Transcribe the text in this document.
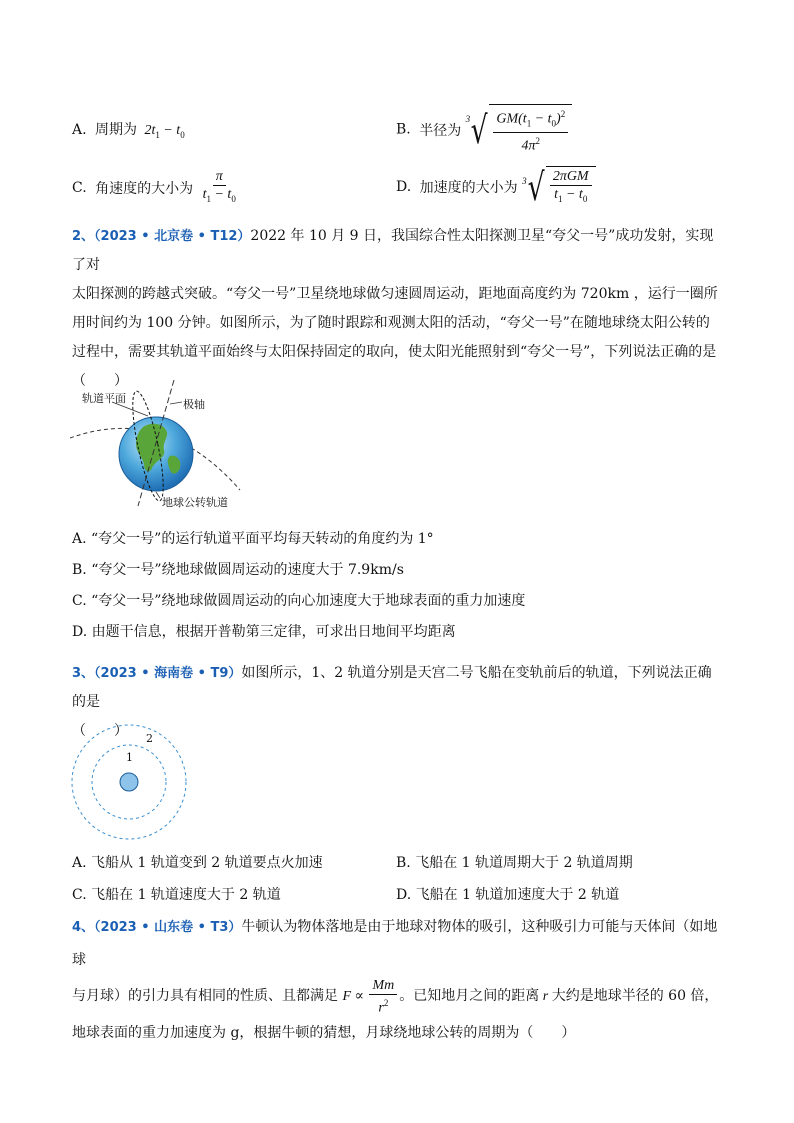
A. 周期为 $2t_1 - t_0$	B. 半径为
3 √ $\frac{GM(t_1 - t_0)^2}{4\pi^2}$
C. 角速度的大小为 $\frac{\pi}{t_1 - t_0}$	D. 加速度的大小为 3 √ $\frac{\text{2πGM}}{t_1 - t_0}$
2、（2023 • 北京卷 • T12）2022 年 10 月 9 日，我国综合性太阳探测卫星“夸父一号”成功发射，实现了对
太阳探测的跨越式突破。“夸父一号”卫星绕地球做匀速圆周运动，距地面高度约为 720km ，运行一圈所
用时间约为 100 分钟。如图所示，为了随时跟踪和观测太阳的活动，“夸父一号”在随地球绕太阳公转的
过程中，需要其轨道平面始终与太阳保持固定的取向，使太阳光能照射到“夸父一号”，下列说法正确的是
（　　）
轨道平面	极轴
地球公转轨道
A. “夸父一号”的运行轨道平面平均每天转动的角度约为 1°
B. “夸父一号”绕地球做圆周运动的速度大于 7.9km/s
C. “夸父一号”绕地球做圆周运动的向心加速度大于地球表面的重力加速度
D. 由题干信息，根据开普勒第三定律，可求出日地间平均距离
3、（2023 • 海南卷 • T9）如图所示，1、2 轨道分别是天宫二号飞船在变轨前后的轨道，下列说法正确的是
（　　）
1
2
A. 飞船从 1 轨道变到 2 轨道要点火加速	B. 飞船在 1 轨道周期大于 2 轨道周期
C. 飞船在 1 轨道速度大于 2 轨道	D. 飞船在 1 轨道加速度大于 2 轨道
4、（2023 • 山东卷 • T3）牛顿认为物体落地是由于地球对物体的吸引，这种吸引力可能与天体间（如地球
与月球）的引力具有相同的性质、且都满足 $F \propto \frac{Mm}{r^2}$ 。已知地月之间的距离 r 大约是地球半径的 60 倍，
地球表面的重力加速度为 g，根据牛顿的猜想，月球绕地球公转的周期为（　　）
